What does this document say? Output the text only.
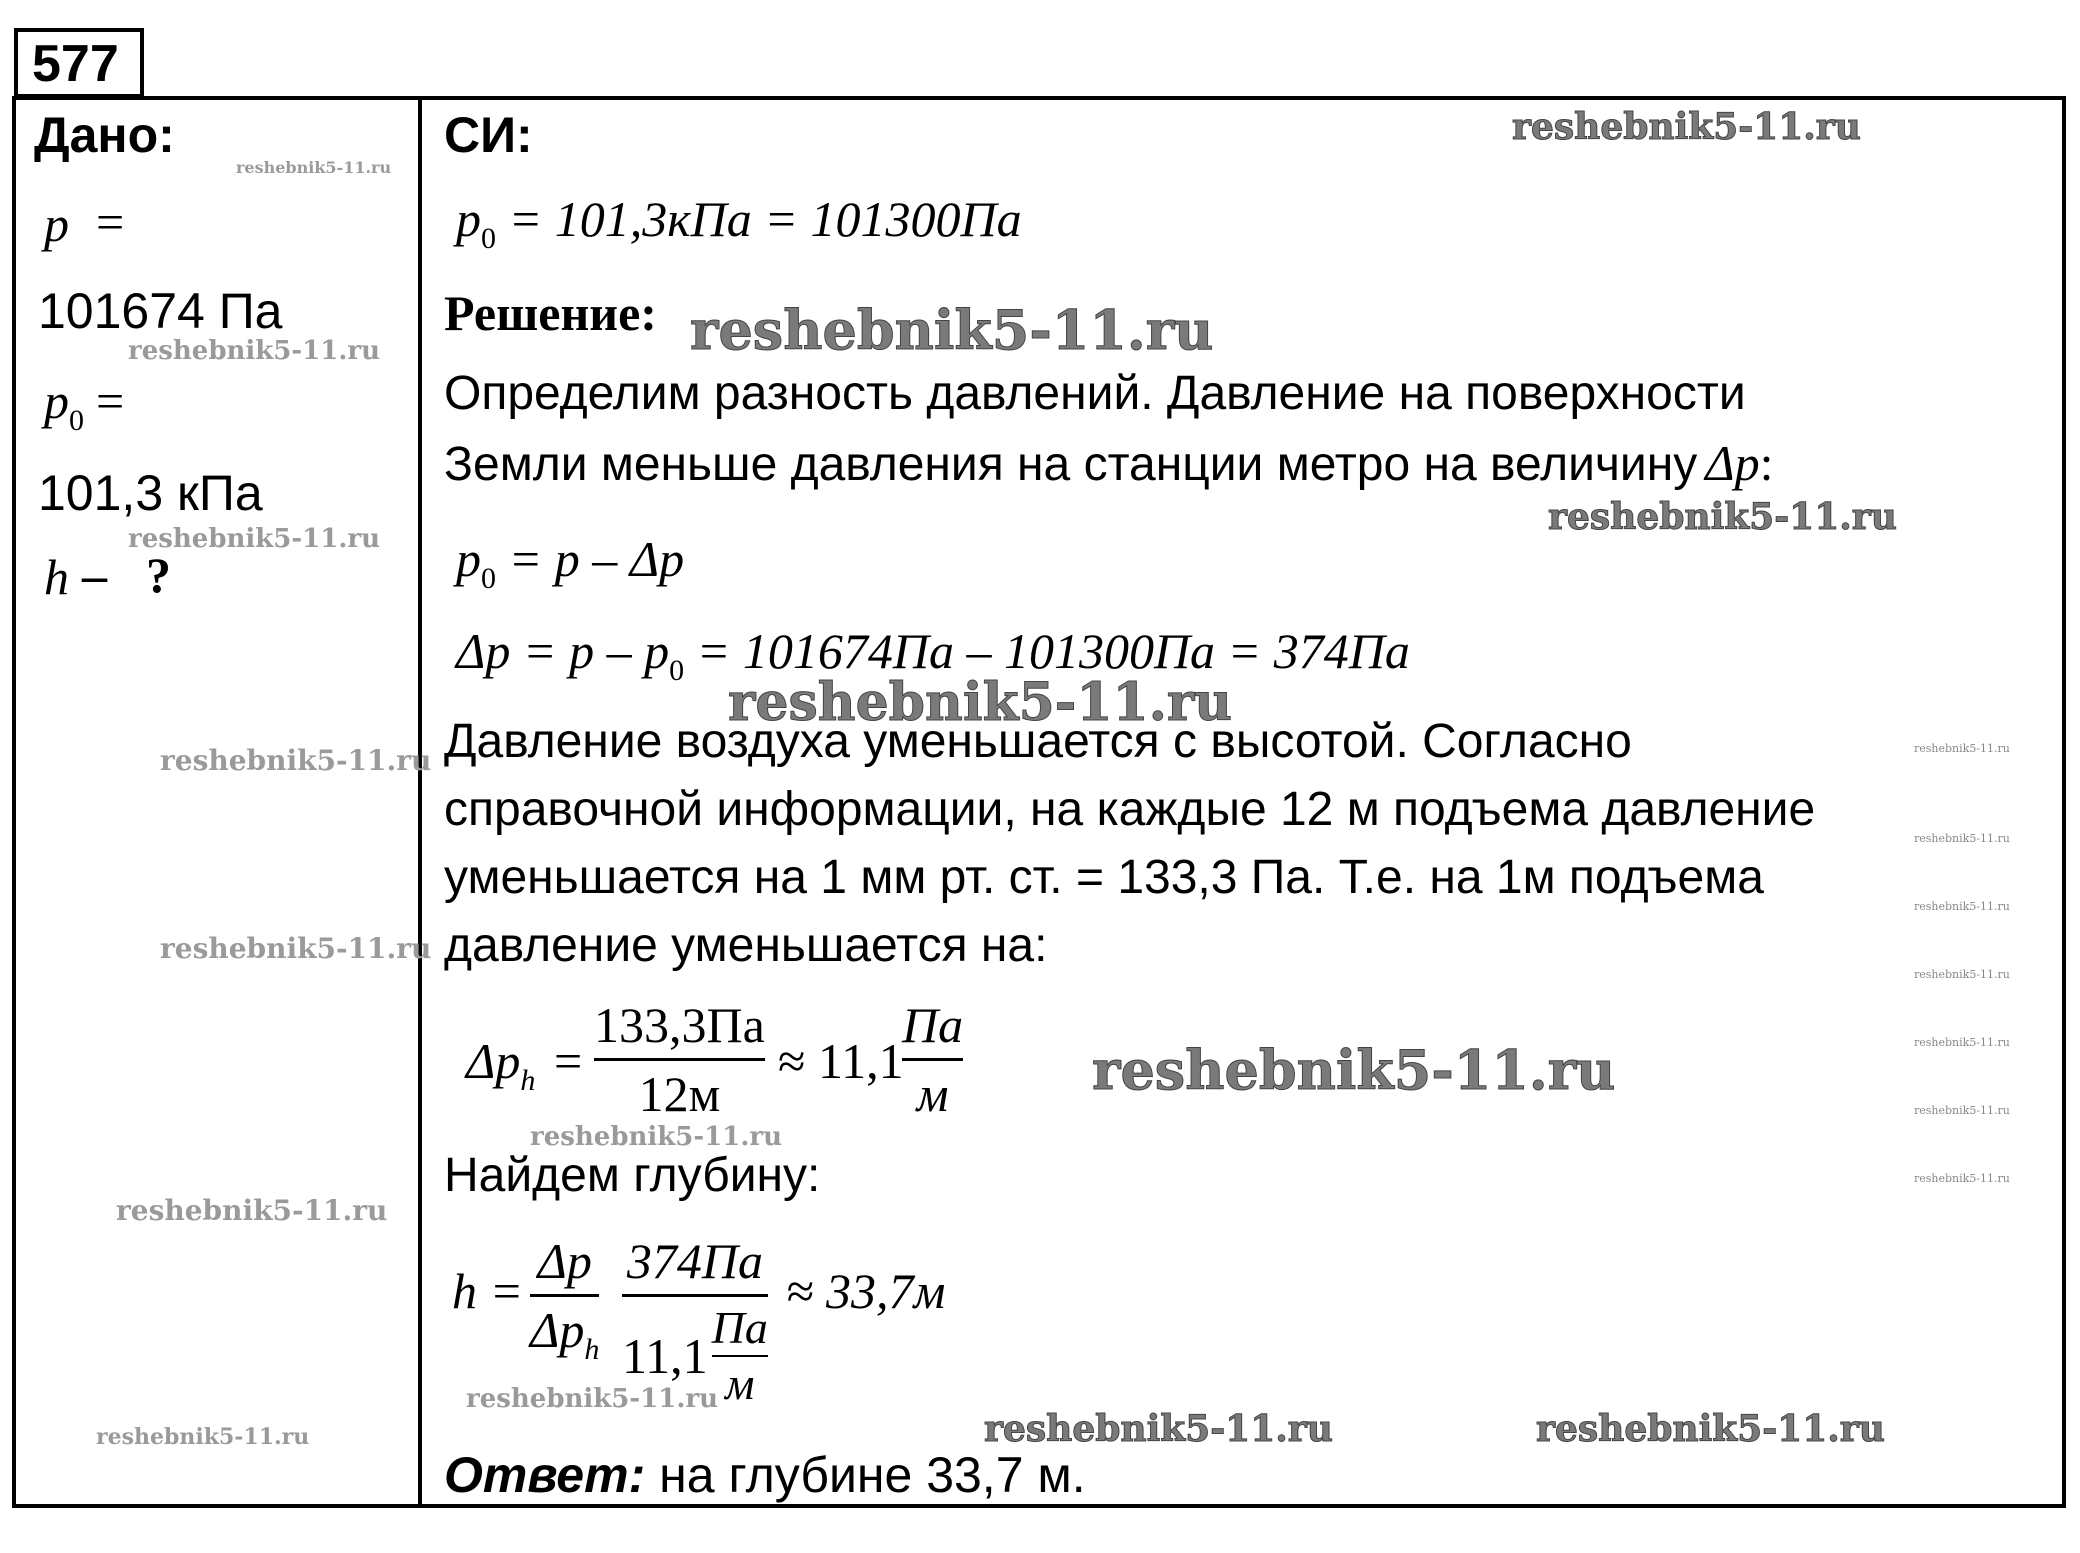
577
Дано:
p =
101674 Па
$p_0$ =
101,3 кПа
h – ?
СИ:
$p_0 = 101,3кПа = 101300Па$
Решение:
Определим разность давлений. Давление на поверхности
Земли меньше давления на станции метро на величину Δp:
$p_0 = p - \Delta p$
$\Delta p = p - p_0 = 101674Па - 101300Па = 374Па$
Давление воздуха уменьшается с высотой. Согласно
справочной информации, на каждые 12 м подъема давление
уменьшается на 1 мм рт. ст. = 133,3 Па. Т.е. на 1м подъема
давление уменьшается на:
$\Delta p_h$ =
133,3Па
12м
≈ 11,1
Па
м
Найдем глубину:
h =
Δp
$\Delta p_h$
374Па
11,1
Па
м
≈ 33,7м
Ответ: на глубине 33,7 м.
reshebnik5-11.ru
reshebnik5-11.ru
reshebnik5-11.ru
reshebnik5-11.ru
reshebnik5-11.ru
reshebnik5-11.ru
reshebnik5-11.ru
reshebnik5-11.ru
reshebnik5-11.ru
reshebnik5-11.ru
reshebnik5-11.ru
reshebnik5-11.ru
reshebnik5-11.ru
reshebnik5-11.ru	reshebnik5-11.ru
reshebnik5-11.ru
reshebnik5-11.ru
reshebnik5-11.ru
reshebnik5-11.ru
reshebnik5-11.ru
reshebnik5-11.ru
reshebnik5-11.ru
reshebnik5-11.ru
